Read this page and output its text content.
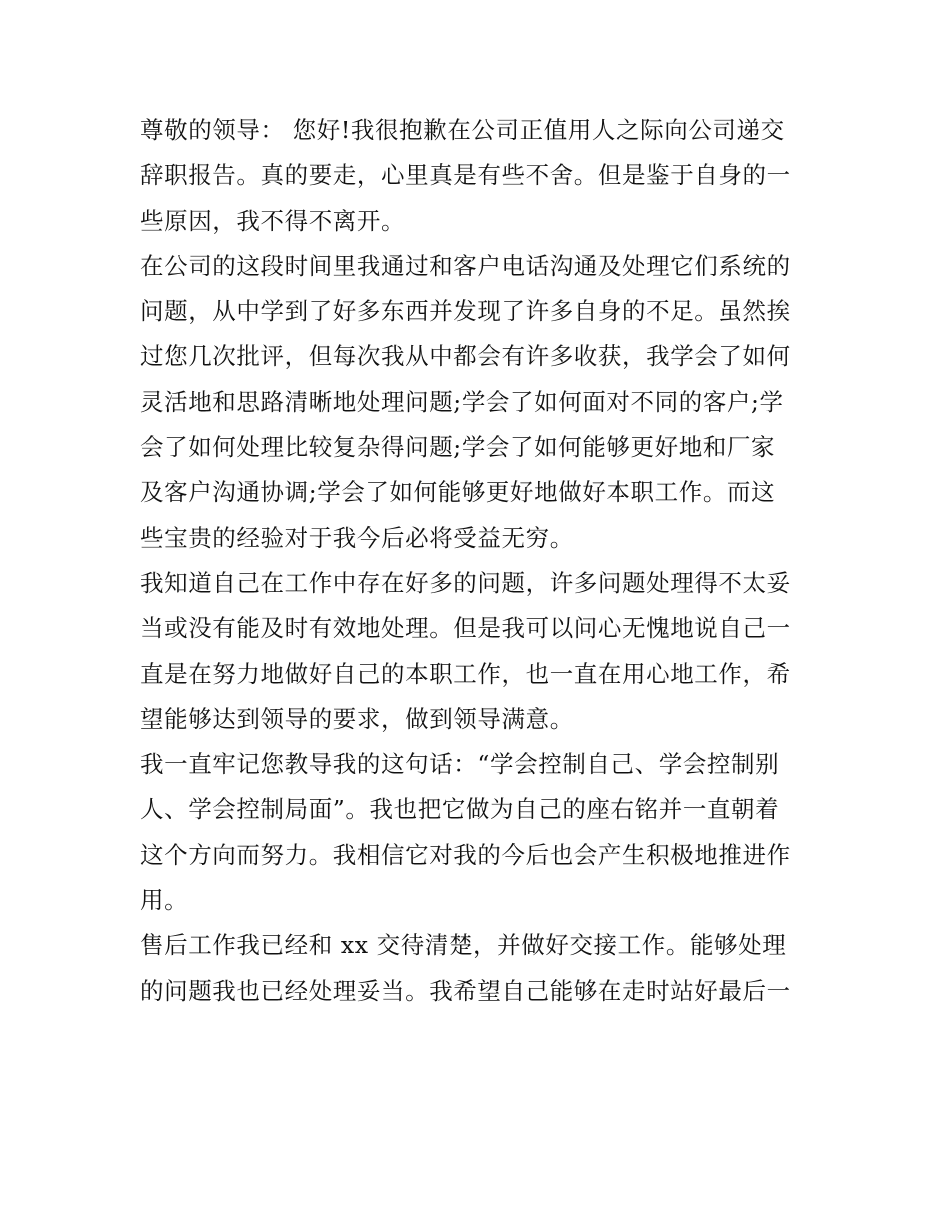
尊敬的领导： 您好!我很抱歉在公司正值用人之际向公司递交
辞职报告。真的要走，心里真是有些不舍。但是鉴于自身的一
些原因，我不得不离开。
在公司的这段时间里我通过和客户电话沟通及处理它们系统的
问题，从中学到了好多东西并发现了许多自身的不足。虽然挨
过您几次批评，但每次我从中都会有许多收获，我学会了如何
灵活地和思路清晰地处理问题;学会了如何面对不同的客户;学
会了如何处理比较复杂得问题;学会了如何能够更好地和厂家
及客户沟通协调;学会了如何能够更好地做好本职工作。而这
些宝贵的经验对于我今后必将受益无穷。
我知道自己在工作中存在好多的问题，许多问题处理得不太妥
当或没有能及时有效地处理。但是我可以问心无愧地说自己一
直是在努力地做好自己的本职工作，也一直在用心地工作，希
望能够达到领导的要求，做到领导满意。
我一直牢记您教导我的这句话：“学会控制自己、学会控制别
人、学会控制局面”。我也把它做为自己的座右铭并一直朝着
这个方向而努力。我相信它对我的今后也会产生积极地推进作
用。
售后工作我已经和 xx 交待清楚，并做好交接工作。能够处理
的问题我也已经处理妥当。我希望自己能够在走时站好最后一
